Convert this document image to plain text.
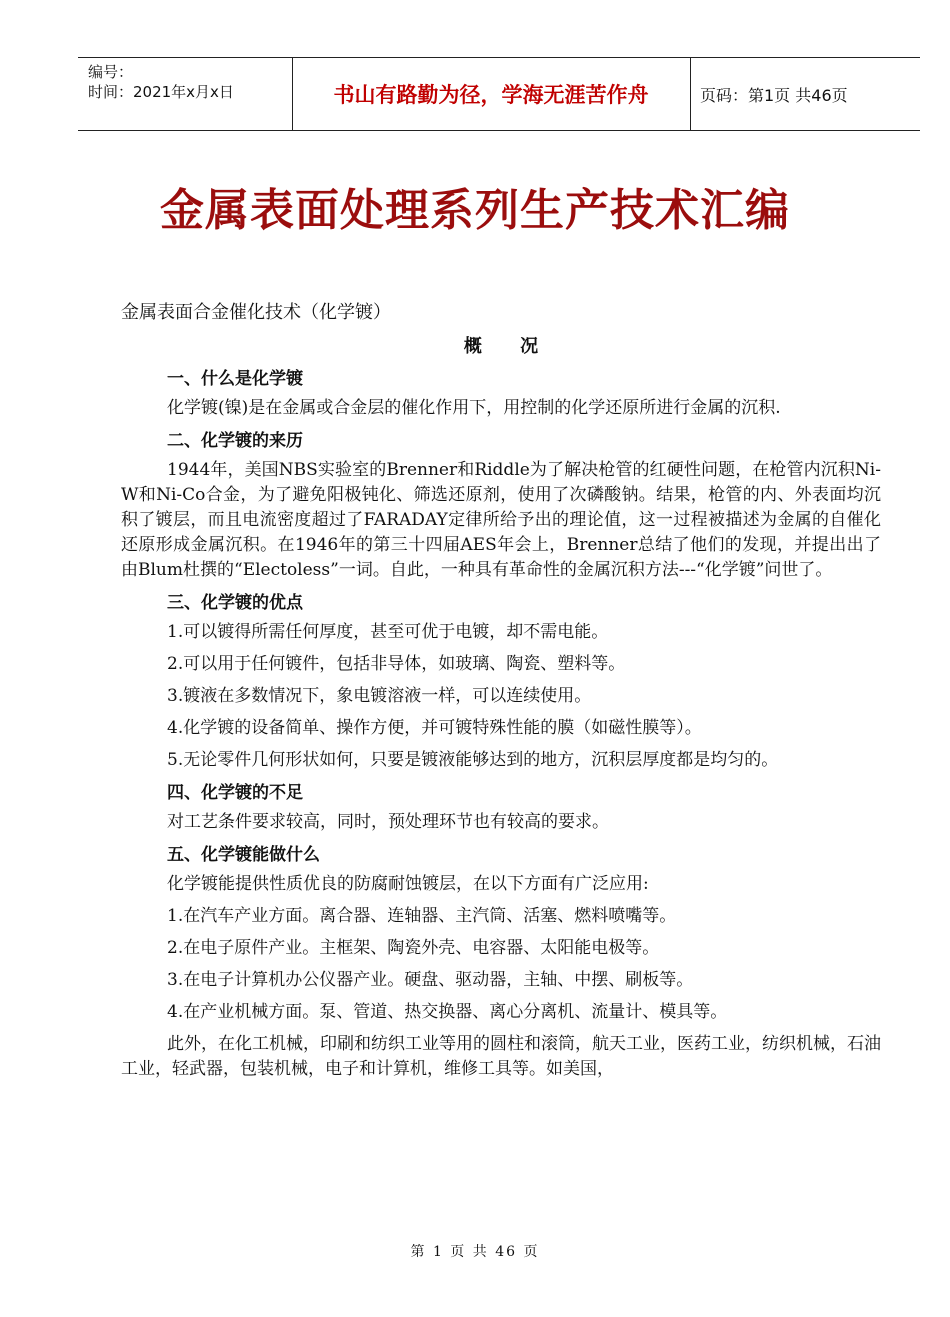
编号：
时间：2021年x月x日	书山有路勤为径，学海无涯苦作舟	页码：第1页 共46页
金属表面处理系列生产技术汇编
金属表面合金催化技术（化学镀）
概 况
一、什么是化学镀
化学镀(镍)是在金属或合金层的催化作用下，用控制的化学还原所进行金属的沉积.
二、化学镀的来历
1944年，美国NBS实验室的Brenner和Riddle为了解决枪管的红硬性问题，在枪管内沉积Ni-W和Ni-Co合金，为了避免阳极钝化、筛选还原剂，使用了次磷酸钠。结果，枪管的内、外表面均沉积了镀层，而且电流密度超过了FARADAY定律所给予出的理论值，这一过程被描述为金属的自催化还原形成金属沉积。在1946年的第三十四届AES年会上，Brenner总结了他们的发现，并提出出了由Blum杜撰的“Electoless”一词。自此，一种具有革命性的金属沉积方法---“化学镀”问世了。
三、化学镀的优点
1.可以镀得所需任何厚度，甚至可优于电镀，却不需电能。
2.可以用于任何镀件，包括非导体，如玻璃、陶瓷、塑料等。
3.镀液在多数情况下，象电镀溶液一样，可以连续使用。
4.化学镀的设备简单、操作方便，并可镀特殊性能的膜（如磁性膜等）。
5.无论零件几何形状如何，只要是镀液能够达到的地方，沉积层厚度都是均匀的。
四、化学镀的不足
对工艺条件要求较高，同时，预处理环节也有较高的要求。
五、化学镀能做什么
化学镀能提供性质优良的防腐耐蚀镀层，在以下方面有广泛应用:
1.在汽车产业方面。离合器、连轴器、主汽筒、活塞、燃料喷嘴等。
2.在电子原件产业。主框架、陶瓷外壳、电容器、太阳能电极等。
3.在电子计算机办公仪器产业。硬盘、驱动器，主轴、中摆、刷板等。
4.在产业机械方面。泵、管道、热交换器、离心分离机、流量计、模具等。
此外，在化工机械，印刷和纺织工业等用的圆柱和滚筒，航天工业，医药工业，纺织机械，石油工业，轻武器，包装机械，电子和计算机，维修工具等。如美国，
第 1 页 共 46 页
